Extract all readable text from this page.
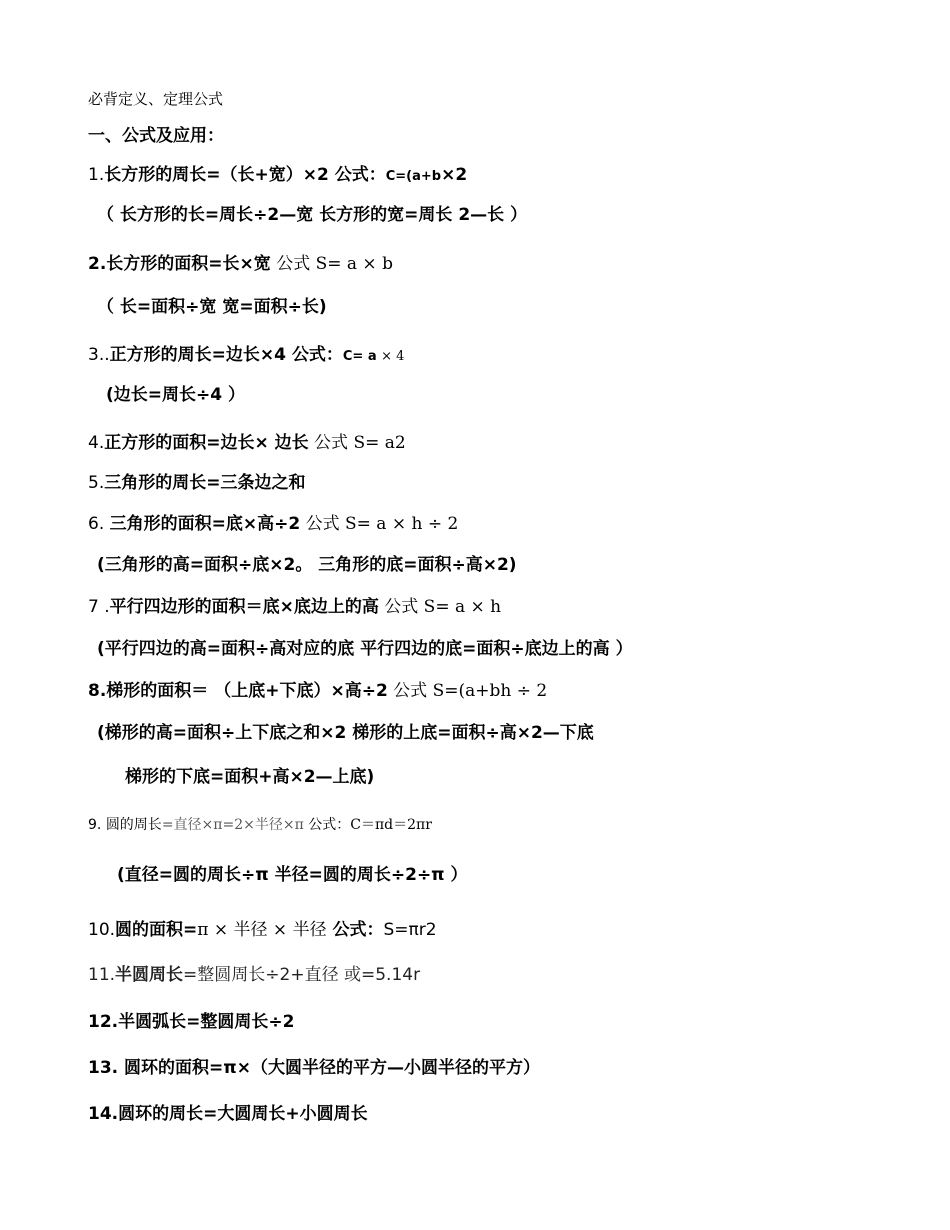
必背定义、定理公式
一、公式及应用：
1.长方形的周长=（长+宽）×2 公式：C=(a+b×2
（ 长方形的长=周长÷2—宽 长方形的宽=周长 2—长 ）
2.长方形的面积=长×宽 公式 S= a × b
（ 长=面积÷宽 宽=面积÷长)
3..正方形的周长=边长×4 公式：C= a × 4
(边长=周长÷4 ）
4.正方形的面积=边长× 边长 公式 S= a2
5.三角形的周长=三条边之和
6. 三角形的面积=底×高÷2 公式 S= a × h ÷ 2
(三角形的高=面积÷底×2。 三角形的底=面积÷高×2)
7 .平行四边形的面积＝底×底边上的高 公式 S= a × h
(平行四边的高=面积÷高对应的底 平行四边的底=面积÷底边上的高 ）
8.梯形的面积＝ （上底+下底）×高÷2 公式 S=(a+bh ÷ 2
(梯形的高=面积÷上下底之和×2 梯形的上底=面积÷高×2—下底
梯形的下底=面积+高×2—上底)
9. 圆的周长=直径×π=2×半径×π 公式：C＝πd＝2πr
(直径=圆的周长÷π 半径=圆的周长÷2÷π ）
10.圆的面积=π × 半径 × 半径 公式：S=πr2
11.半圆周长=整圆周长÷2+直径 或=5.14r
12.半圆弧长=整圆周长÷2
13. 圆环的面积=π×（大圆半径的平方—小圆半径的平方）
14.圆环的周长=大圆周长+小圆周长
